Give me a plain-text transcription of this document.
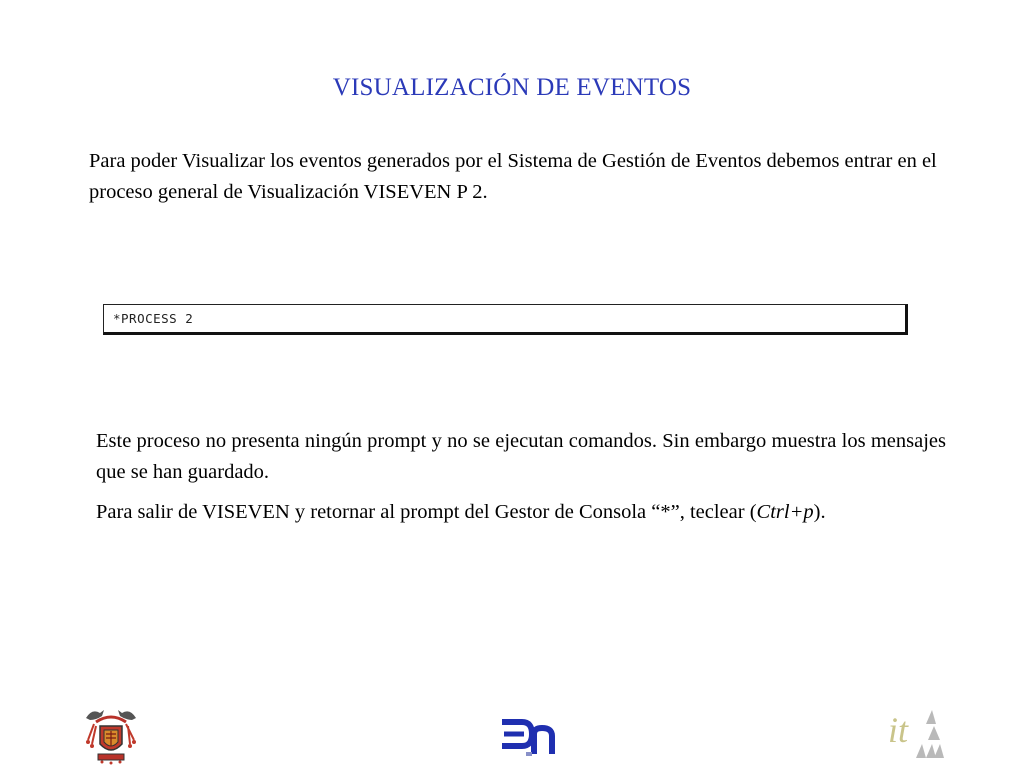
VISUALIZACIÓN DE EVENTOS
Para poder Visualizar los eventos generados por el Sistema de Gestión de Eventos debemos entrar en el proceso general de Visualización VISEVEN P 2.
*PROCESS 2
Este proceso no presenta ningún prompt y no se ejecutan comandos. Sin embargo muestra los mensajes que se han guardado.
Para salir de VISEVEN y retornar al prompt del Gestor de Consola “*”, teclear (Ctrl+p).
it
